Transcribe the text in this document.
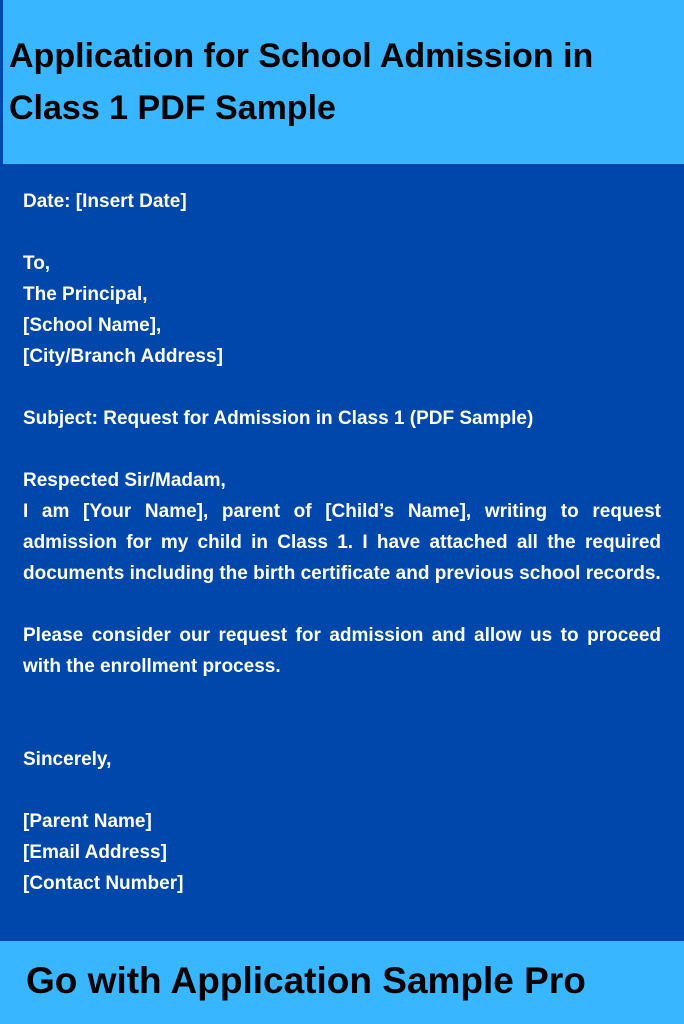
Application for School Admission in Class 1 PDF Sample

Date: [Insert Date]

To,

The Principal,

[School Name],

[City/Branch Address]

Subject: Request for Admission in Class 1 (PDF Sample)

Respected Sir/Madam,

I am [Your Name], parent of [Child’s Name], writing to request admission for my child in Class 1. I have attached all the required documents including the birth certificate and previous school records.

Please consider our request for admission and allow us to proceed with the enrollment process.

Sincerely,

[Parent Name]

[Email Address]

[Contact Number]

Go with Application Sample Pro
